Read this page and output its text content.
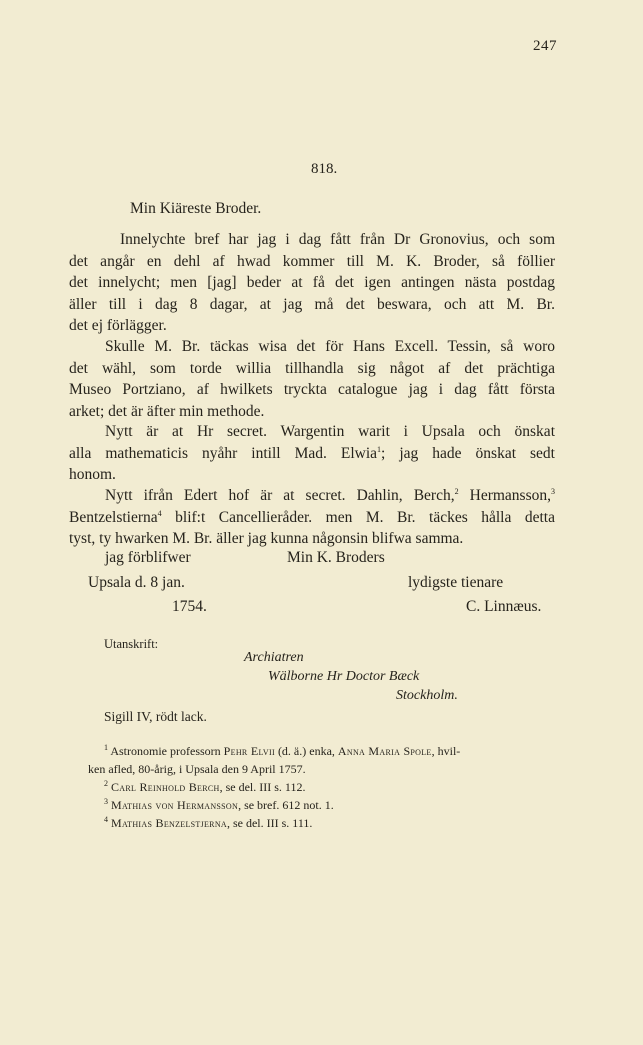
247
818.
Min Kiäreste Broder.
Innelychte bref har jag i dag fått från Dr Gronovius, och som
det angår en dehl af hwad kommer till M. K. Broder, så föllier
det innelycht; men [jag] beder at få det igen antingen nästa postdag
äller till i dag 8 dagar, at jag må det beswara, och att M. Br.
det ej förlägger.
Skulle M. Br. täckas wisa det för Hans Excell. Tessin, så woro
det wähl, som torde willia tillhandla sig något af det prächtiga
Museo Portziano, af hwilkets tryckta catalogue jag i dag fått första
arket; det är äfter min methode.
Nytt är at Hr secret. Wargentin warit i Upsala och önskat
alla mathematicis nyåhr intill Mad. Elwia$^1$; jag hade önskat sedt
honom.
Nytt ifrån Edert hof är at secret. Dahlin, Berch,$^2$ Hermansson,$^3$
Bentzelstierna$^4$ blif:t Cancellieråder. men M. Br. täckes hålla detta
tyst, ty hwarken M. Br. äller jag kunna någonsin blifwa samma.
jag förblifwer	Min K. Broders
Upsala d. 8 jan.	lydigste tienare
1754.	C. Linnæus.
Utanskrift:
Archiatren
Wälborne Hr Doctor Bæck
Stockholm.
Sigill IV, rödt lack.
$^1$ Astronomie professorn Pehr Elvii (d. ä.) enka, Anna Maria Spole, hvil-
ken afled, 80-årig, i Upsala den 9 April 1757.
$^2$ Carl Reinhold Berch, se del. III s. 112.
$^3$ Mathias von Hermansson, se bref. 612 not. 1.
$^4$ Mathias Benzelstjerna, se del. III s. 111.
